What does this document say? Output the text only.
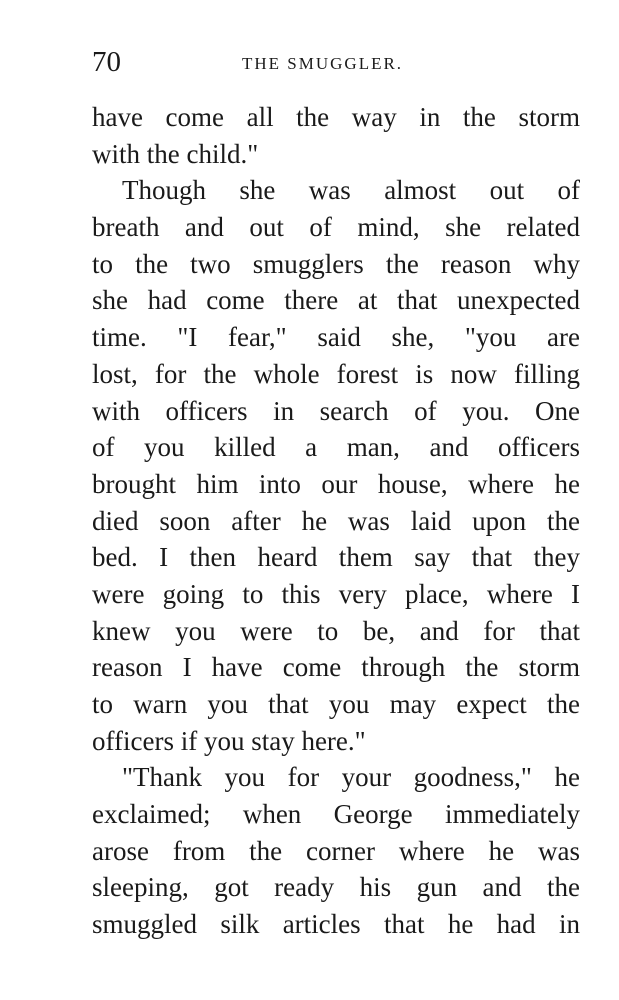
70	THE SMUGGLER.
have come all the way in the storm
with the child."
Though she was almost out of
breath and out of mind, she related
to the two smugglers the reason why
she had come there at that unexpected
time. "I fear," said she, "you are
lost, for the whole forest is now filling
with officers in search of you. One
of you killed a man, and officers
brought him into our house, where he
died soon after he was laid upon the
bed. I then heard them say that they
were going to this very place, where I
knew you were to be, and for that
reason I have come through the storm
to warn you that you may expect the
officers if you stay here."
"Thank you for your goodness," he
exclaimed; when George immediately
arose from the corner where he was
sleeping, got ready his gun and the
smuggled silk articles that he had in
